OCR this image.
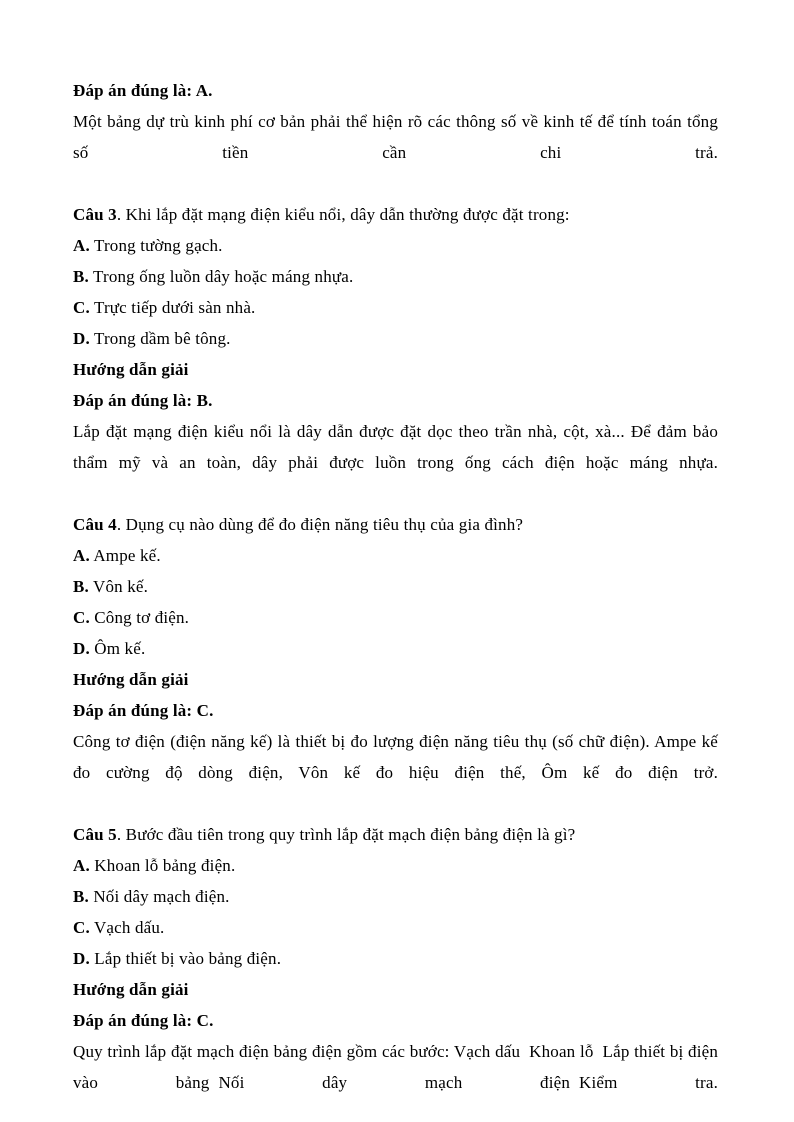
Đáp án đúng là: A.

Một bảng dự trù kinh phí cơ bản phải thể hiện rõ các thông số về kinh tế để tính toán tổng số tiền cần chi trả.

Câu 3. Khi lắp đặt mạng điện kiểu nổi, dây dẫn thường được đặt trong:

A. Trong tường gạch.

B. Trong ống luồn dây hoặc máng nhựa.

C. Trực tiếp dưới sàn nhà.

D. Trong dầm bê tông.

Hướng dẫn giải

Đáp án đúng là: B.

Lắp đặt mạng điện kiểu nổi là dây dẫn được đặt dọc theo trần nhà, cột, xà... Để đảm bảo thẩm mỹ và an toàn, dây phải được luồn trong ống cách điện hoặc máng nhựa.

Câu 4. Dụng cụ nào dùng để đo điện năng tiêu thụ của gia đình?

A. Ampe kế.

B. Vôn kế.

C. Công tơ điện.

D. Ôm kế.

Hướng dẫn giải

Đáp án đúng là: C.

Công tơ điện (điện năng kế) là thiết bị đo lượng điện năng tiêu thụ (số chữ điện). Ampe kế đo cường độ dòng điện, Vôn kế đo hiệu điện thế, Ôm kế đo điện trở.

Câu 5. Bước đầu tiên trong quy trình lắp đặt mạch điện bảng điện là gì?

A. Khoan lỗ bảng điện.

B. Nối dây mạch điện.

C. Vạch dấu.

D. Lắp thiết bị vào bảng điện.

Hướng dẫn giải

Đáp án đúng là: C.

Quy trình lắp đặt mạch điện bảng điện gồm các bước: Vạch dấu Khoan lỗ Lắp thiết bị điện vào bảng Nối dây mạch điện Kiểm tra.
